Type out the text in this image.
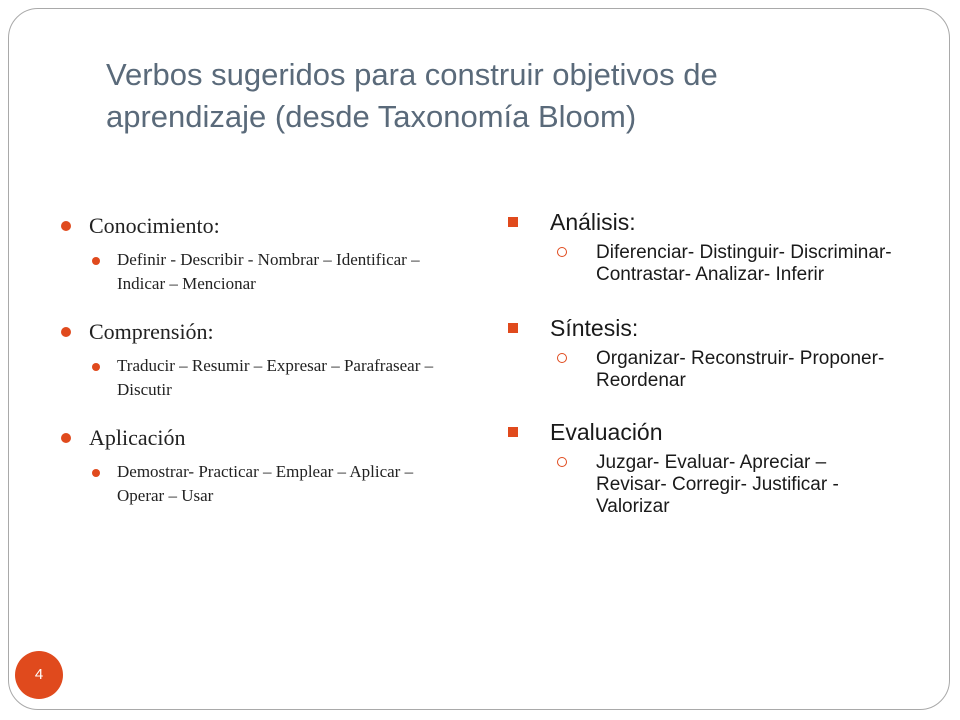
Verbos sugeridos para construir objetivos de aprendizaje (desde Taxonomía Bloom)
Conocimiento:
Definir - Describir - Nombrar – Identificar – Indicar – Mencionar
Comprensión:
Traducir – Resumir – Expresar – Parafrasear – Discutir
Aplicación
Demostrar- Practicar – Emplear – Aplicar – Operar – Usar
Análisis:
Diferenciar- Distinguir- Discriminar- Contrastar- Analizar- Inferir
Síntesis:
Organizar- Reconstruir- Proponer- Reordenar
Evaluación
Juzgar- Evaluar- Apreciar – Revisar- Corregir- Justificar - Valorizar
4
